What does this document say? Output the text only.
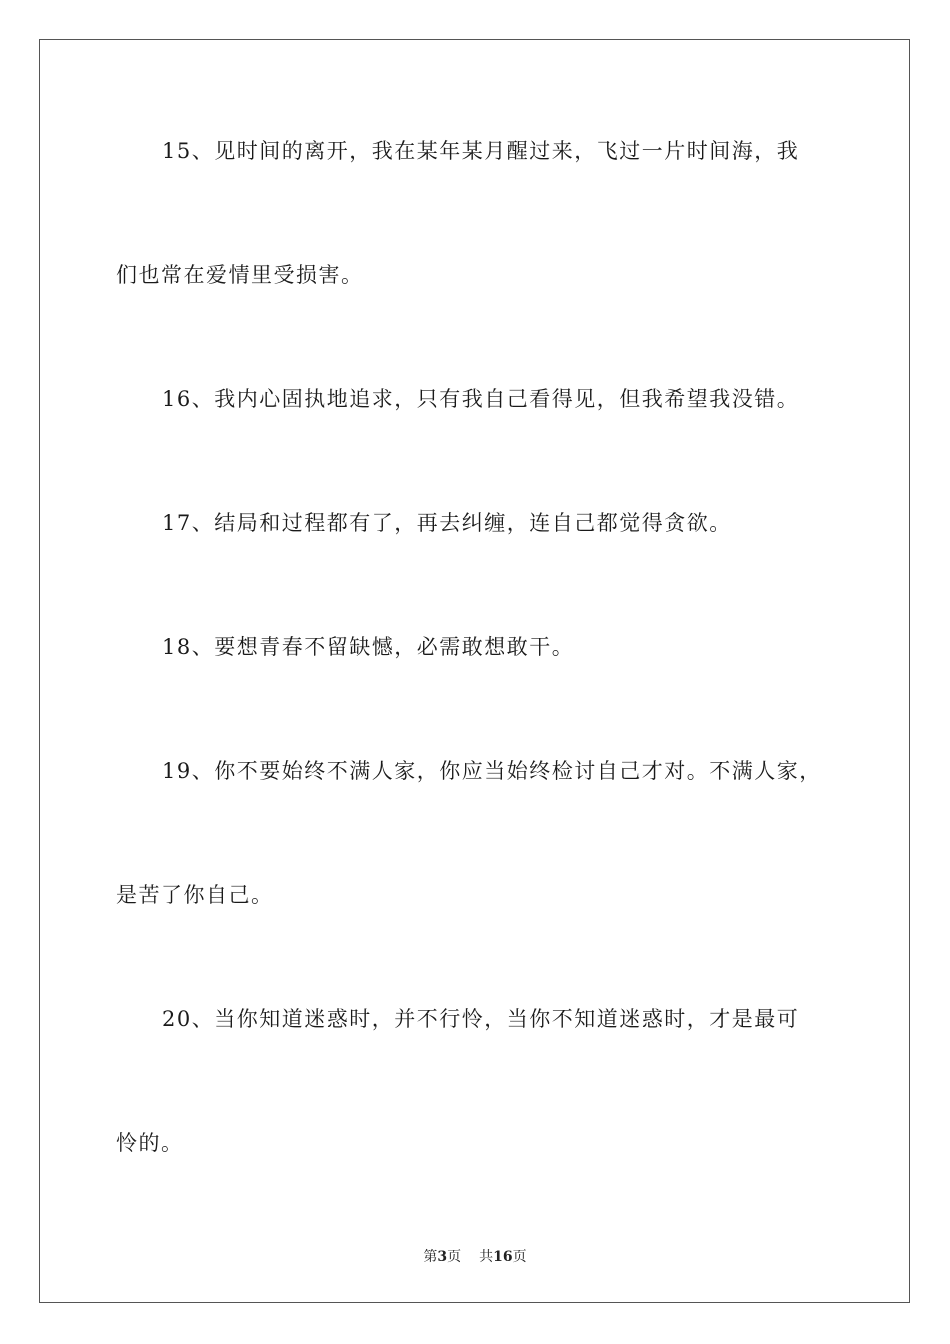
15、见时间的离开，我在某年某月醒过来，飞过一片时间海，我
们也常在爱情里受损害。
16、我内心固执地追求，只有我自己看得见，但我希望我没错。
17、结局和过程都有了，再去纠缠，连自己都觉得贪欲。
18、要想青春不留缺憾，必需敢想敢干。
19、你不要始终不满人家，你应当始终检讨自己才对。不满人家，
是苦了你自己。
20、当你知道迷惑时，并不行怜，当你不知道迷惑时，才是最可
怜的。
第3页 共16页
